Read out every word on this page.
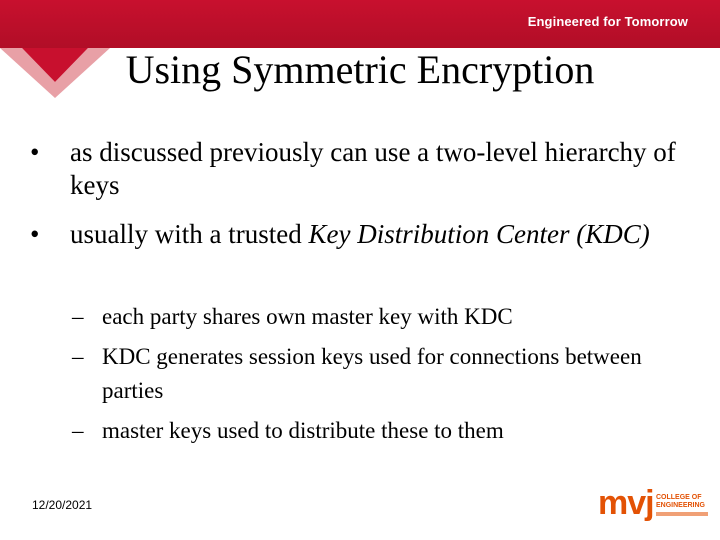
Engineered for Tomorrow
Using Symmetric Encryption
• as discussed previously can use a two-level hierarchy of keys
• usually with a trusted Key Distribution Center (KDC)
– each party shares own master key with KDC
– KDC generates session keys used for connections between parties
– master keys used to distribute these to them
12/20/2021	mvj COLLEGE OF
ENGINEERING
